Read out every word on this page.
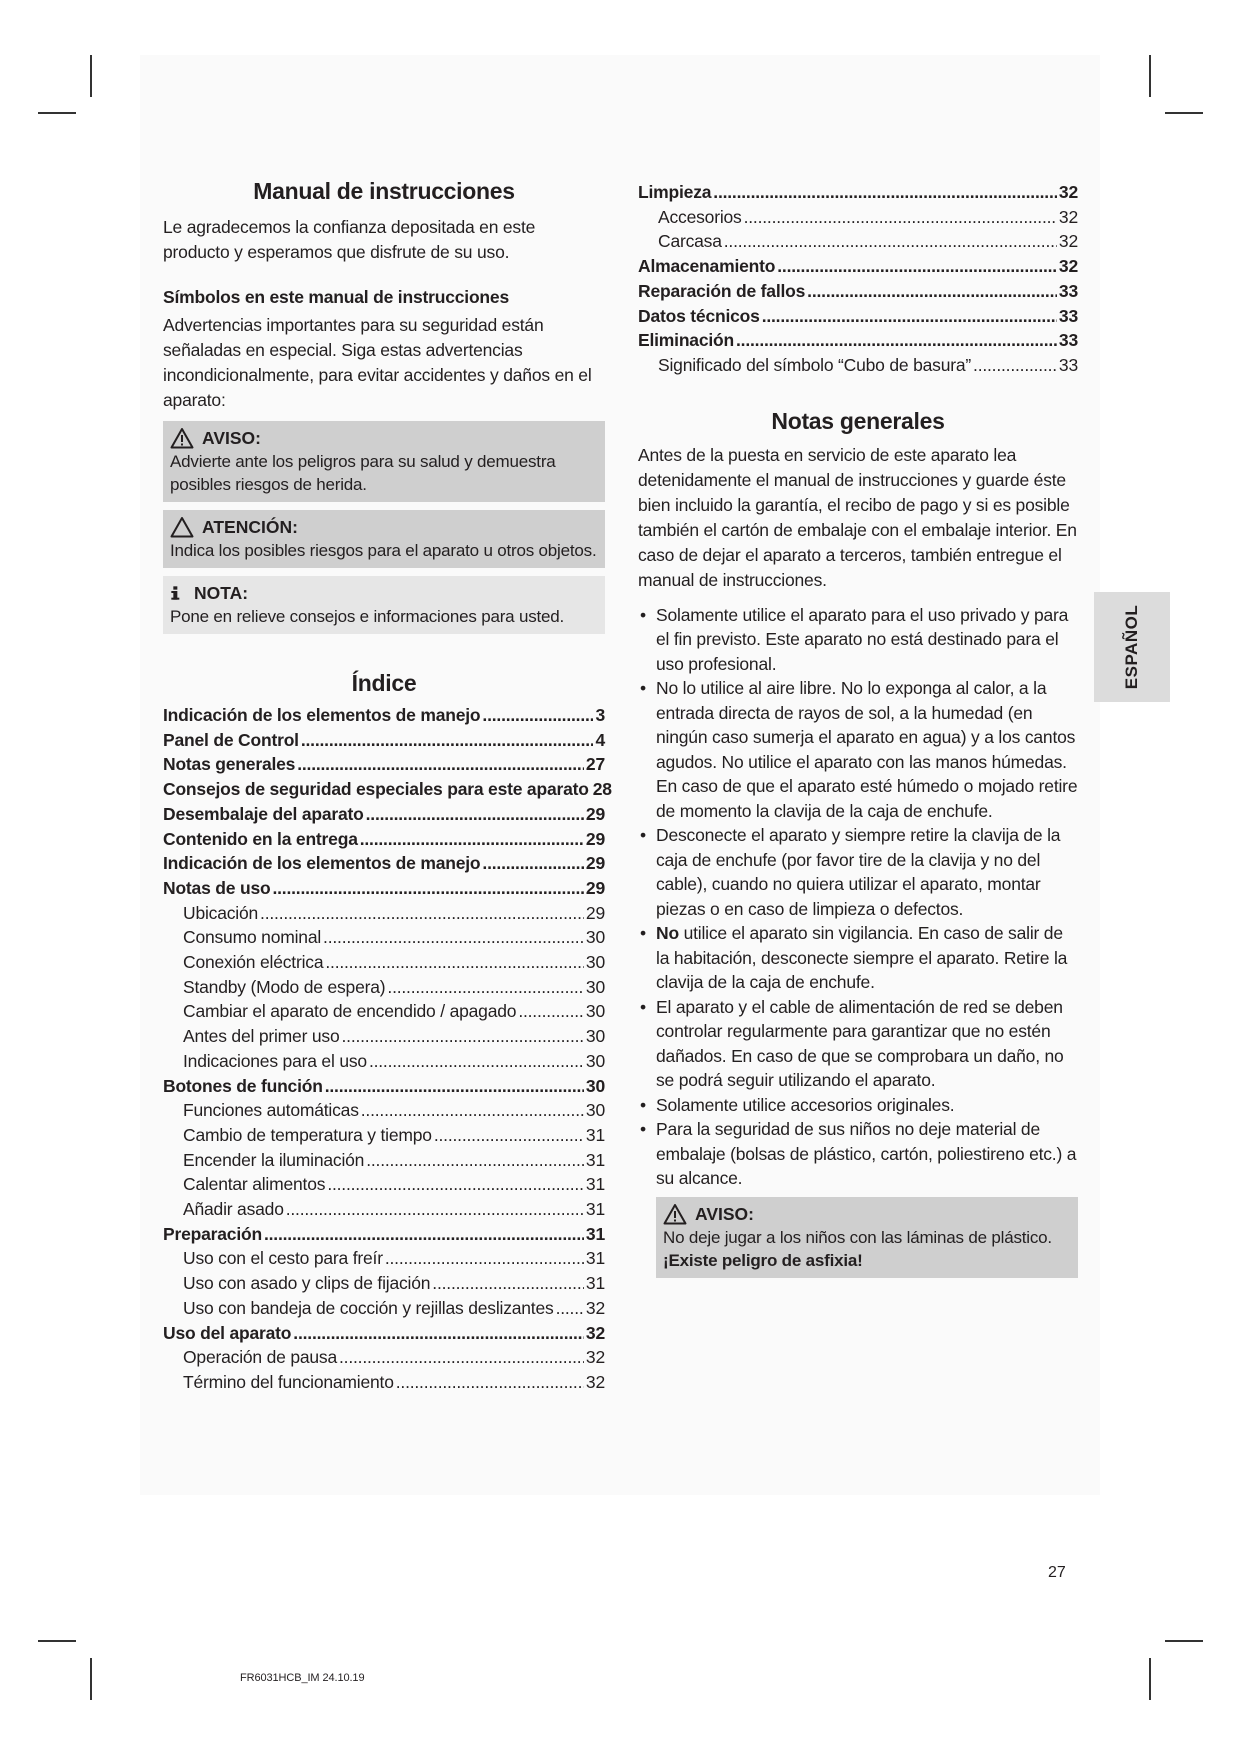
Manual de instrucciones

Le agradecemos la confianza depositada en este producto y esperamos que disfrute de su uso.

Símbolos en este manual de instrucciones

Advertencias importantes para su seguridad están señaladas en especial. Siga estas advertencias incondicionalmente, para evitar accidentes y daños en el aparato:

AVISO:
Advierte ante los peligros para su salud y demuestra posibles riesgos de herida.
ATENCIÓN:
Indica los posibles riesgos para el aparato u otros objetos.
NOTA:
Pone en relieve consejos e informaciones para usted.
Índice
Indicación de los elementos de manejo .....	3
Panel de Control .....	4
Notas generales .....	27
Consejos de seguridad especiales para este aparato 28
Desembalaje del aparato .....	29
Contenido en la entrega .....	29
Indicación de los elementos de manejo .....	29
Notas de uso .....	29
Ubicación .....	29
Consumo nominal .....	30
Conexión eléctrica .....	30
Standby (Modo de espera) .....	30
Cambiar el aparato de encendido / apagado .....	30
Antes del primer uso .....	30
Indicaciones para el uso .....	30
Botones de función .....	30
Funciones automáticas .....	30
Cambio de temperatura y tiempo .....	31
Encender la iluminación .....	31
Calentar alimentos .....	31
Añadir asado .....	31
Preparación .....	31
Uso con el cesto para freír .....	31
Uso con asado y clips de fijación .....	31
Uso con bandeja de cocción y rejillas deslizantes ..... 32
Uso del aparato .....	32
Operación de pausa .....	32
Término del funcionamiento .....	32
Limpieza .....	32
Accesorios .....	32
Carcasa .....	32
Almacenamiento .....	32
Reparación de fallos .....	33
Datos técnicos .....	33
Eliminación .....	33
Significado del símbolo “Cubo de basura” .....	33
Notas generales

Antes de la puesta en servicio de este aparato lea detenidamente el manual de instrucciones y guarde éste bien incluido la garantía, el recibo de pago y si es posible también el cartón de embalaje con el embalaje interior. En caso de dejar el aparato a terceros, también entregue el manual de instrucciones.

• Solamente utilice el aparato para el uso privado y para el fin previsto. Este aparato no está destinado para el uso profesional.
• No lo utilice al aire libre. No lo exponga al calor, a la entrada directa de rayos de sol, a la humedad (en ningún caso sumerja el aparato en agua) y a los cantos agudos. No utilice el aparato con las manos húmedas. En caso de que el aparato esté húmedo o mojado retire de momento la clavija de la caja de enchufe.
• Desconecte el aparato y siempre retire la clavija de la caja de enchufe (por favor tire de la clavija y no del cable), cuando no quiera utilizar el aparato, montar piezas o en caso de limpieza o defectos.
• No utilice el aparato sin vigilancia. En caso de salir de la habitación, desconecte siempre el aparato. Retire la clavija de la caja de enchufe.
• El aparato y el cable de alimentación de red se deben controlar regularmente para garantizar que no estén dañados. En caso de que se comprobara un daño, no se podrá seguir utilizando el aparato.
• Solamente utilice accesorios originales.
• Para la seguridad de sus niños no deje material de embalaje (bolsas de plástico, cartón, poliestireno etc.) a su alcance.
AVISO:
No deje jugar a los niños con las láminas de plástico.
¡Existe peligro de asfixia!
ESPAÑOL
27
FR6031HCB_IM 24.10.19
